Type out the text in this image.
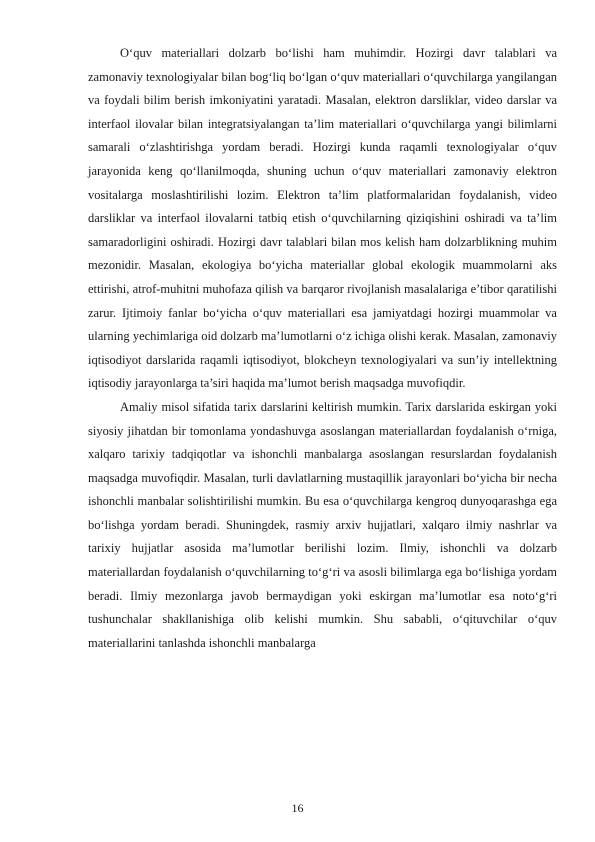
O‘quv materiallari dolzarb bo‘lishi ham muhimdir. Hozirgi davr talablari va zamonaviy texnologiyalar bilan bog‘liq bo‘lgan o‘quv materiallari o‘quvchilarga yangilangan va foydali bilim berish imkoniyatini yaratadi. Masalan, elektron darsliklar, video darslar va interfaol ilovalar bilan integratsiyalangan ta’lim materiallari o‘quvchilarga yangi bilimlarni samarali o‘zlashtirishga yordam beradi. Hozirgi kunda raqamli texnologiyalar o‘quv jarayonida keng qo‘llanilmoqda, shuning uchun o‘quv materiallari zamonaviy elektron vositalarga moslashtirilishi lozim. Elektron ta’lim platformalaridan foydalanish, video darsliklar va interfaol ilovalarni tatbiq etish o‘quvchilarning qiziqishini oshiradi va ta’lim samaradorligini oshiradi. Hozirgi davr talablari bilan mos kelish ham dolzarblikning muhim mezonidir. Masalan, ekologiya bo‘yicha materiallar global ekologik muammolarni aks ettirishi, atrof-muhitni muhofaza qilish va barqaror rivojlanish masalalariga e’tibor qaratilishi zarur. Ijtimoiy fanlar bo‘yicha o‘quv materiallari esa jamiyatdagi hozirgi muammolar va ularning yechimlariga oid dolzarb ma’lumotlarni o‘z ichiga olishi kerak. Masalan, zamonaviy iqtisodiyot darslarida raqamli iqtisodiyot, blokcheyn texnologiyalari va sun’iy intellektning iqtisodiy jarayonlarga ta’siri haqida ma’lumot berish maqsadga muvofiqdir.

Amaliy misol sifatida tarix darslarini keltirish mumkin. Tarix darslarida eskirgan yoki siyosiy jihatdan bir tomonlama yondashuvga asoslangan materiallardan foydalanish o‘rniga, xalqaro tarixiy tadqiqotlar va ishonchli manbalarga asoslangan resurslardan foydalanish maqsadga muvofiqdir. Masalan, turli davlatlarning mustaqillik jarayonlari bo‘yicha bir necha ishonchli manbalar solishtirilishi mumkin. Bu esa o‘quvchilarga kengroq dunyoqarashga ega bo‘lishga yordam beradi. Shuningdek, rasmiy arxiv hujjatlari, xalqaro ilmiy nashrlar va tarixiy hujjatlar asosida ma’lumotlar berilishi lozim. Ilmiy, ishonchli va dolzarb materiallardan foydalanish o‘quvchilarning to‘g‘ri va asosli bilimlarga ega bo‘lishiga yordam beradi. Ilmiy mezonlarga javob bermaydigan yoki eskirgan ma’lumotlar esa noto‘g‘ri tushunchalar shakllanishiga olib kelishi mumkin. Shu sababli, o‘qituvchilar o‘quv materiallarini tanlashda ishonchli manbalarga

16
